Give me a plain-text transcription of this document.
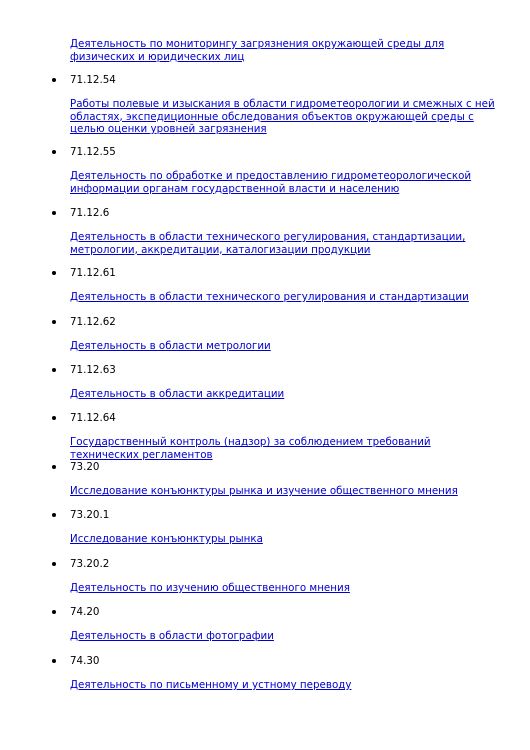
Деятельность по мониторингу загрязнения окружающей среды для физических и юридических лиц
71.12.54
Работы полевые и изыскания в области гидрометеорологии и смежных с ней областях, экспедиционные обследования объектов окружающей среды с целью оценки уровней загрязнения
71.12.55
Деятельность по обработке и предоставлению гидрометеорологической информации органам государственной власти и населению
71.12.6
Деятельность в области технического регулирования, стандартизации, метрологии, аккредитации, каталогизации продукции
71.12.61
Деятельность в области технического регулирования и стандартизации
71.12.62
Деятельность в области метрологии
71.12.63
Деятельность в области аккредитации
71.12.64
Государственный контроль (надзор) за соблюдением требований технических регламентов
73.20
Исследование конъюнктуры рынка и изучение общественного мнения
73.20.1
Исследование конъюнктуры рынка
73.20.2
Деятельность по изучению общественного мнения
74.20
Деятельность в области фотографии
74.30
Деятельность по письменному и устному переводу
